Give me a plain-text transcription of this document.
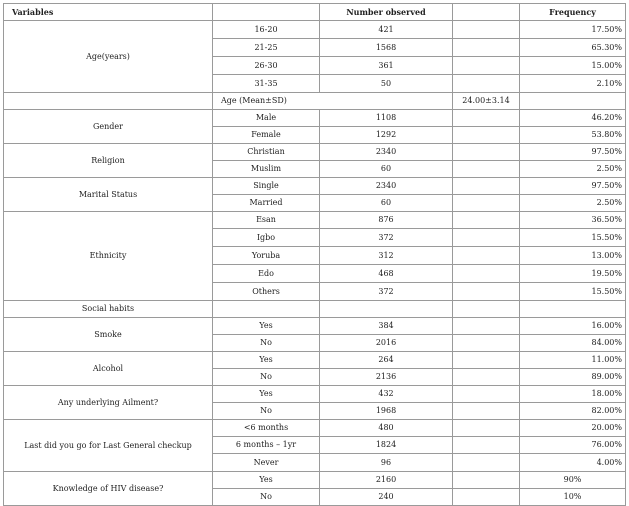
Variables		Number observed		Frequency
Age(years)	16-20	421		17.50%
	21-25	1568		65.30%
	26-30	361		15.00%
	31-35	50		2.10%
	Age (Mean±SD)		24.00±3.14	
Gender	Male	1108		46.20%
	Female	1292		53.80%
Religion	Christian	2340		97.50%
	Muslim	60		2.50%
Marital Status	Single	2340		97.50%
	Married	60		2.50%
Ethnicity	Esan	876		36.50%
	Igbo	372		15.50%
	Yoruba	312		13.00%
	Edo	468		19.50%
	Others	372		15.50%
Social habits				
Smoke	Yes	384		16.00%
	No	2016		84.00%
Alcohol	Yes	264		11.00%
	No	2136		89.00%
Any underlying Ailment?	Yes	432		18.00%
	No	1968		82.00%
Last did you go for Last General checkup	<6 months	480		20.00%
	6 months – 1yr	1824		76.00%
	Never	96		4.00%
Knowledge of HIV disease?	Yes	2160		90%
	No	240		10%
